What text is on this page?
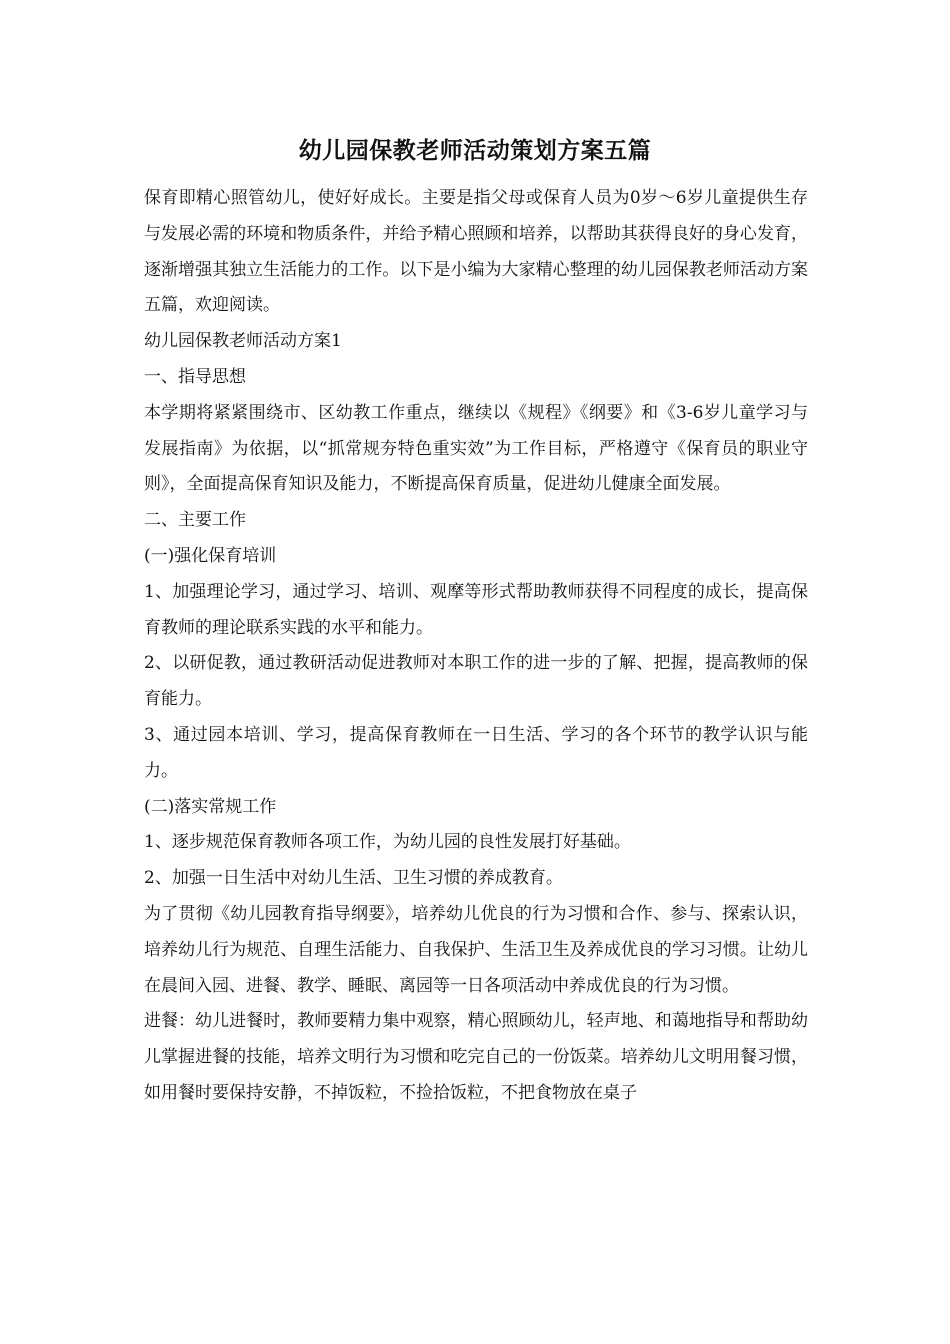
幼儿园保教老师活动策划方案五篇

保育即精心照管幼儿，使好好成长。主要是指父母或保育人员为0岁～6岁儿童提供生存与发展必需的环境和物质条件，并给予精心照顾和培养，以帮助其获得良好的身心发育，逐渐增强其独立生活能力的工作。以下是小编为大家精心整理的幼儿园保教老师活动方案五篇，欢迎阅读。

幼儿园保教老师活动方案1

一、指导思想

本学期将紧紧围绕市、区幼教工作重点，继续以《规程》《纲要》和《3-6岁儿童学习与发展指南》为依据，以“抓常规夯特色重实效”为工作目标，严格遵守《保育员的职业守则》，全面提高保育知识及能力，不断提高保育质量，促进幼儿健康全面发展。

二、主要工作

(一)强化保育培训

1、加强理论学习，通过学习、培训、观摩等形式帮助教师获得不同程度的成长，提高保育教师的理论联系实践的水平和能力。

2、以研促教，通过教研活动促进教师对本职工作的进一步的了解、把握，提高教师的保育能力。

3、通过园本培训、学习，提高保育教师在一日生活、学习的各个环节的教学认识与能力。

(二)落实常规工作

1、逐步规范保育教师各项工作，为幼儿园的良性发展打好基础。

2、加强一日生活中对幼儿生活、卫生习惯的养成教育。

为了贯彻《幼儿园教育指导纲要》，培养幼儿优良的行为习惯和合作、参与、探索认识，培养幼儿行为规范、自理生活能力、自我保护、生活卫生及养成优良的学习习惯。让幼儿在晨间入园、进餐、教学、睡眠、离园等一日各项活动中养成优良的行为习惯。

进餐：幼儿进餐时，教师要精力集中观察，精心照顾幼儿，轻声地、和蔼地指导和帮助幼儿掌握进餐的技能，培养文明行为习惯和吃完自己的一份饭菜。培养幼儿文明用餐习惯，如用餐时要保持安静，不掉饭粒，不捡拾饭粒，不把食物放在桌子
